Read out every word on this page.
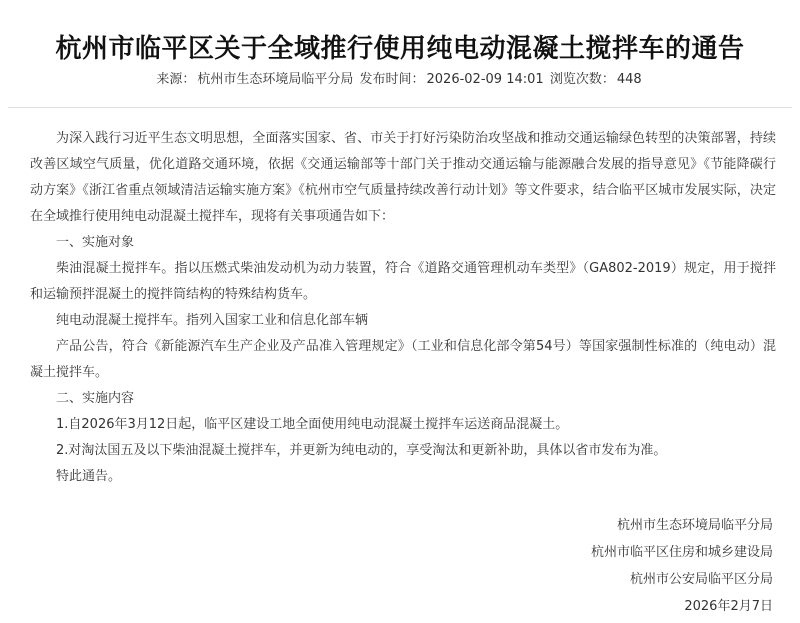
杭州市临平区关于全域推行使用纯电动混凝土搅拌车的通告
来源： 杭州市生态环境局临平分局 发布时间： 2026-02-09 14:01 浏览次数： 448

为深入践行习近平生态文明思想，全面落实国家、省、市关于打好污染防治攻坚战和推动交通运输绿色转型的决策部署，持续改善区域空气质量，优化道路交通环境，依据《交通运输部等十部门关于推动交通运输与能源融合发展的指导意见》《节能降碳行动方案》《浙江省重点领域清洁运输实施方案》《杭州市空气质量持续改善行动计划》等文件要求，结合临平区城市发展实际，决定在全域推行使用纯电动混凝土搅拌车，现将有关事项通告如下：

一、实施对象

柴油混凝土搅拌车。指以压燃式柴油发动机为动力装置，符合《道路交通管理机动车类型》（GA802-2019）规定，用于搅拌和运输预拌混凝土的搅拌筒结构的特殊结构货车。

纯电动混凝土搅拌车。指列入国家工业和信息化部车辆

产品公告，符合《新能源汽车生产企业及产品准入管理规定》（工业和信息化部令第54号）等国家强制性标准的（纯电动）混凝土搅拌车。

二、实施内容

1.自2026年3月12日起，临平区建设工地全面使用纯电动混凝土搅拌车运送商品混凝土。

2.对淘汰国五及以下柴油混凝土搅拌车，并更新为纯电动的，享受淘汰和更新补助，具体以省市发布为准。

特此通告。

杭州市生态环境局临平分局
杭州市临平区住房和城乡建设局
杭州市公安局临平区分局
2026年2月7日
